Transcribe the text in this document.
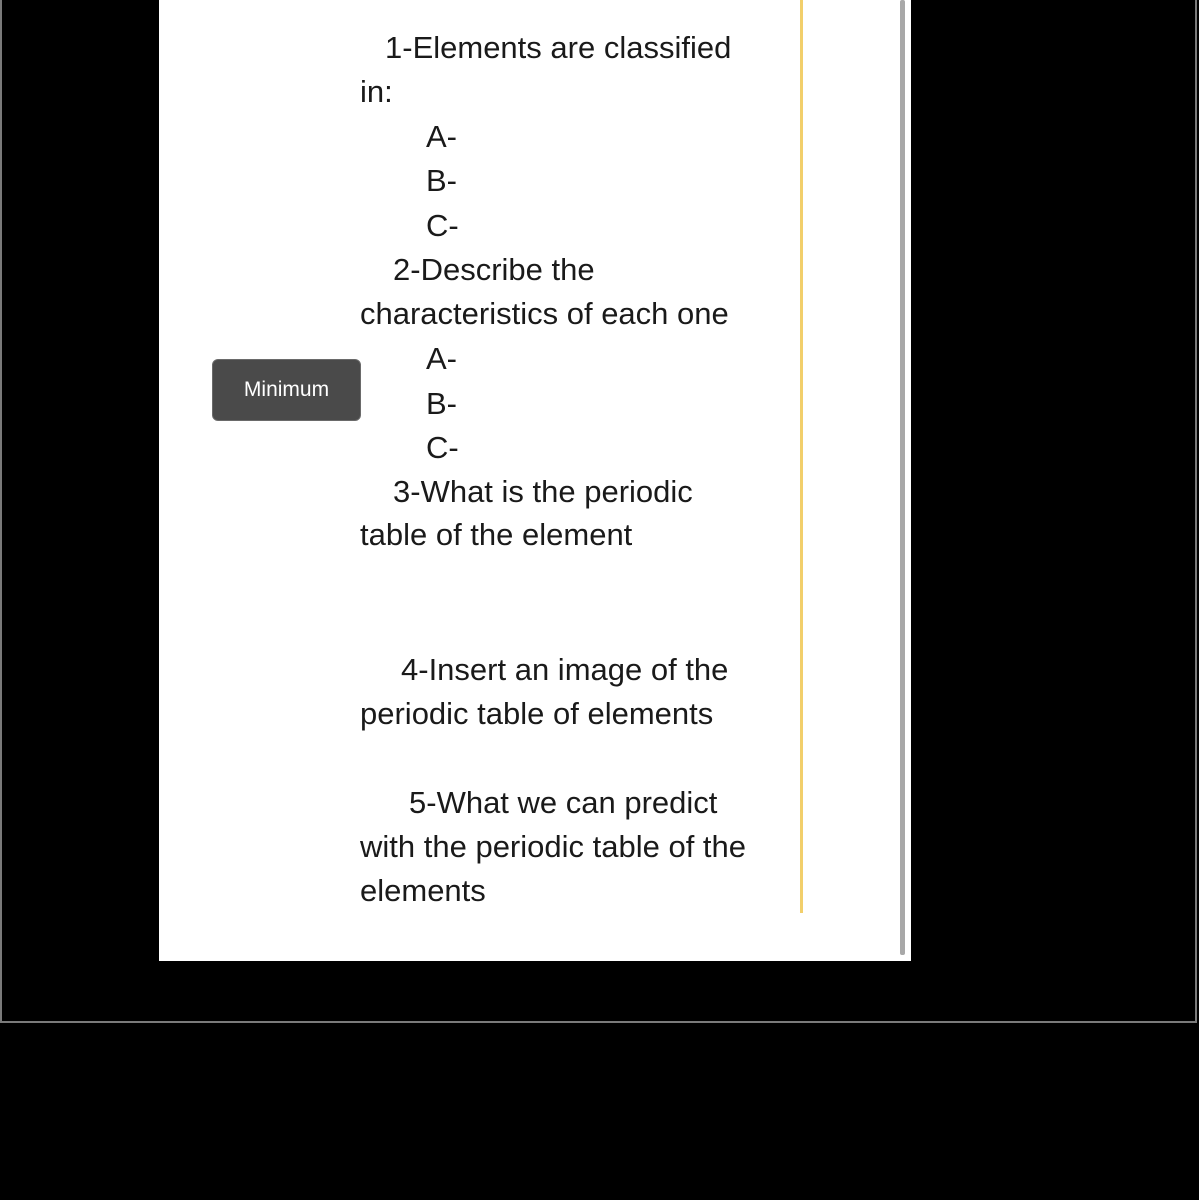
1-Elements are classified

in:

A-

B-

C-

2-Describe the

characteristics of each one

A-

B-

C-

3-What is the periodic

table of the element

4-Insert an image of the

periodic table of elements

5-What we can predict

with the periodic table of the

elements

Minimum
